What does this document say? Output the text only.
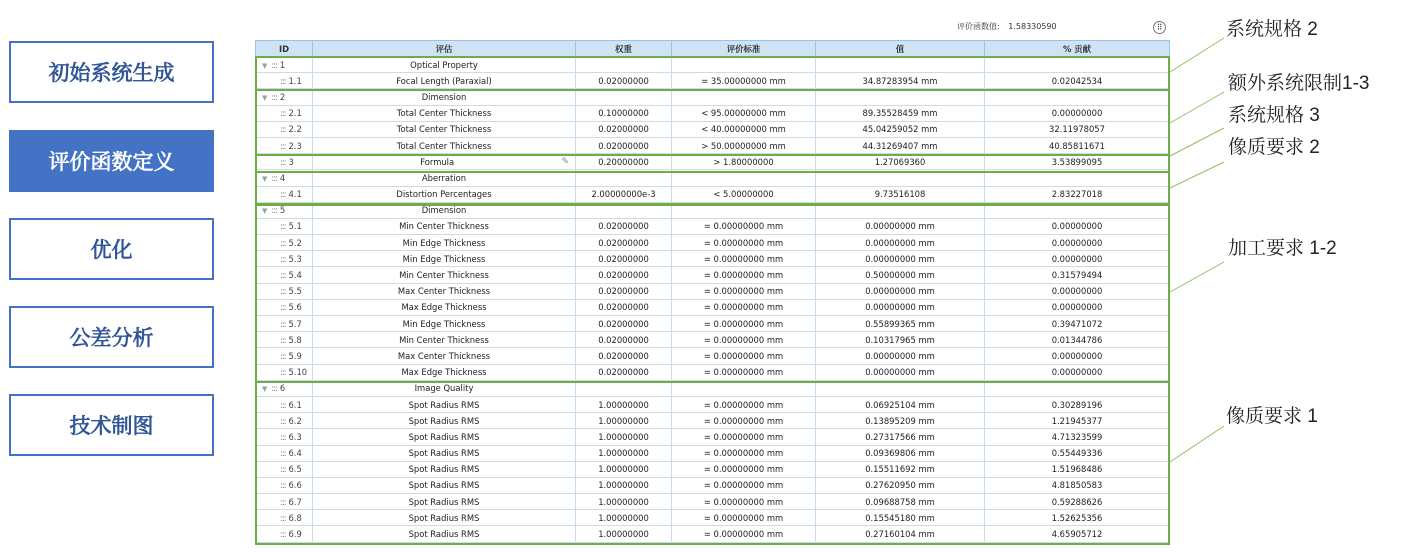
初始系统生成
评价函数定义
优化
公差分析
技术制图
评价函数值: 1.58330590	⠿
ID	评估	权重	评价标准	值	% 贡献
▼ ::: 1	Optical Property				
::: 1.1	Focal Length (Paraxial)	0.02000000	= 35.00000000 mm	34.87283954 mm	0.02042534
▼ ::: 2	Dimension				
::: 2.1	Total Center Thickness	0.10000000	< 95.00000000 mm	89.35528459 mm	0.00000000
::: 2.2	Total Center Thickness	0.02000000	< 40.00000000 mm	45.04259052 mm	32.11978057
::: 2.3	Total Center Thickness	0.02000000	> 50.00000000 mm	44.31269407 mm	40.85811671
::: 3	Formula ✎	0.20000000	> 1.80000000	1.27069360	3.53899095
▼ ::: 4	Aberration				
::: 4.1	Distortion Percentages	2.00000000e-3	< 5.00000000	9.73516108	2.83227018
▼ ::: 5	Dimension				
::: 5.1	Min Center Thickness	0.02000000	= 0.00000000 mm	0.00000000 mm	0.00000000
::: 5.2	Min Edge Thickness	0.02000000	= 0.00000000 mm	0.00000000 mm	0.00000000
::: 5.3	Min Edge Thickness	0.02000000	= 0.00000000 mm	0.00000000 mm	0.00000000
::: 5.4	Min Center Thickness	0.02000000	= 0.00000000 mm	0.50000000 mm	0.31579494
::: 5.5	Max Center Thickness	0.02000000	= 0.00000000 mm	0.00000000 mm	0.00000000
::: 5.6	Max Edge Thickness	0.02000000	= 0.00000000 mm	0.00000000 mm	0.00000000
::: 5.7	Min Edge Thickness	0.02000000	= 0.00000000 mm	0.55899365 mm	0.39471072
::: 5.8	Min Center Thickness	0.02000000	= 0.00000000 mm	0.10317965 mm	0.01344786
::: 5.9	Max Center Thickness	0.02000000	= 0.00000000 mm	0.00000000 mm	0.00000000
::: 5.10	Max Edge Thickness	0.02000000	= 0.00000000 mm	0.00000000 mm	0.00000000
▼ ::: 6	Image Quality				
::: 6.1	Spot Radius RMS	1.00000000	= 0.00000000 mm	0.06925104 mm	0.30289196
::: 6.2	Spot Radius RMS	1.00000000	= 0.00000000 mm	0.13895209 mm	1.21945377
::: 6.3	Spot Radius RMS	1.00000000	= 0.00000000 mm	0.27317566 mm	4.71323599
::: 6.4	Spot Radius RMS	1.00000000	= 0.00000000 mm	0.09369806 mm	0.55449336
::: 6.5	Spot Radius RMS	1.00000000	= 0.00000000 mm	0.15511692 mm	1.51968486
::: 6.6	Spot Radius RMS	1.00000000	= 0.00000000 mm	0.27620950 mm	4.81850583
::: 6.7	Spot Radius RMS	1.00000000	= 0.00000000 mm	0.09688758 mm	0.59288626
::: 6.8	Spot Radius RMS	1.00000000	= 0.00000000 mm	0.15545180 mm	1.52625356
::: 6.9	Spot Radius RMS	1.00000000	= 0.00000000 mm	0.27160104 mm	4.65905712
系统规格 2
额外系统限制1-3
系统规格 3
像质要求 2
加工要求 1-2
像质要求 1
